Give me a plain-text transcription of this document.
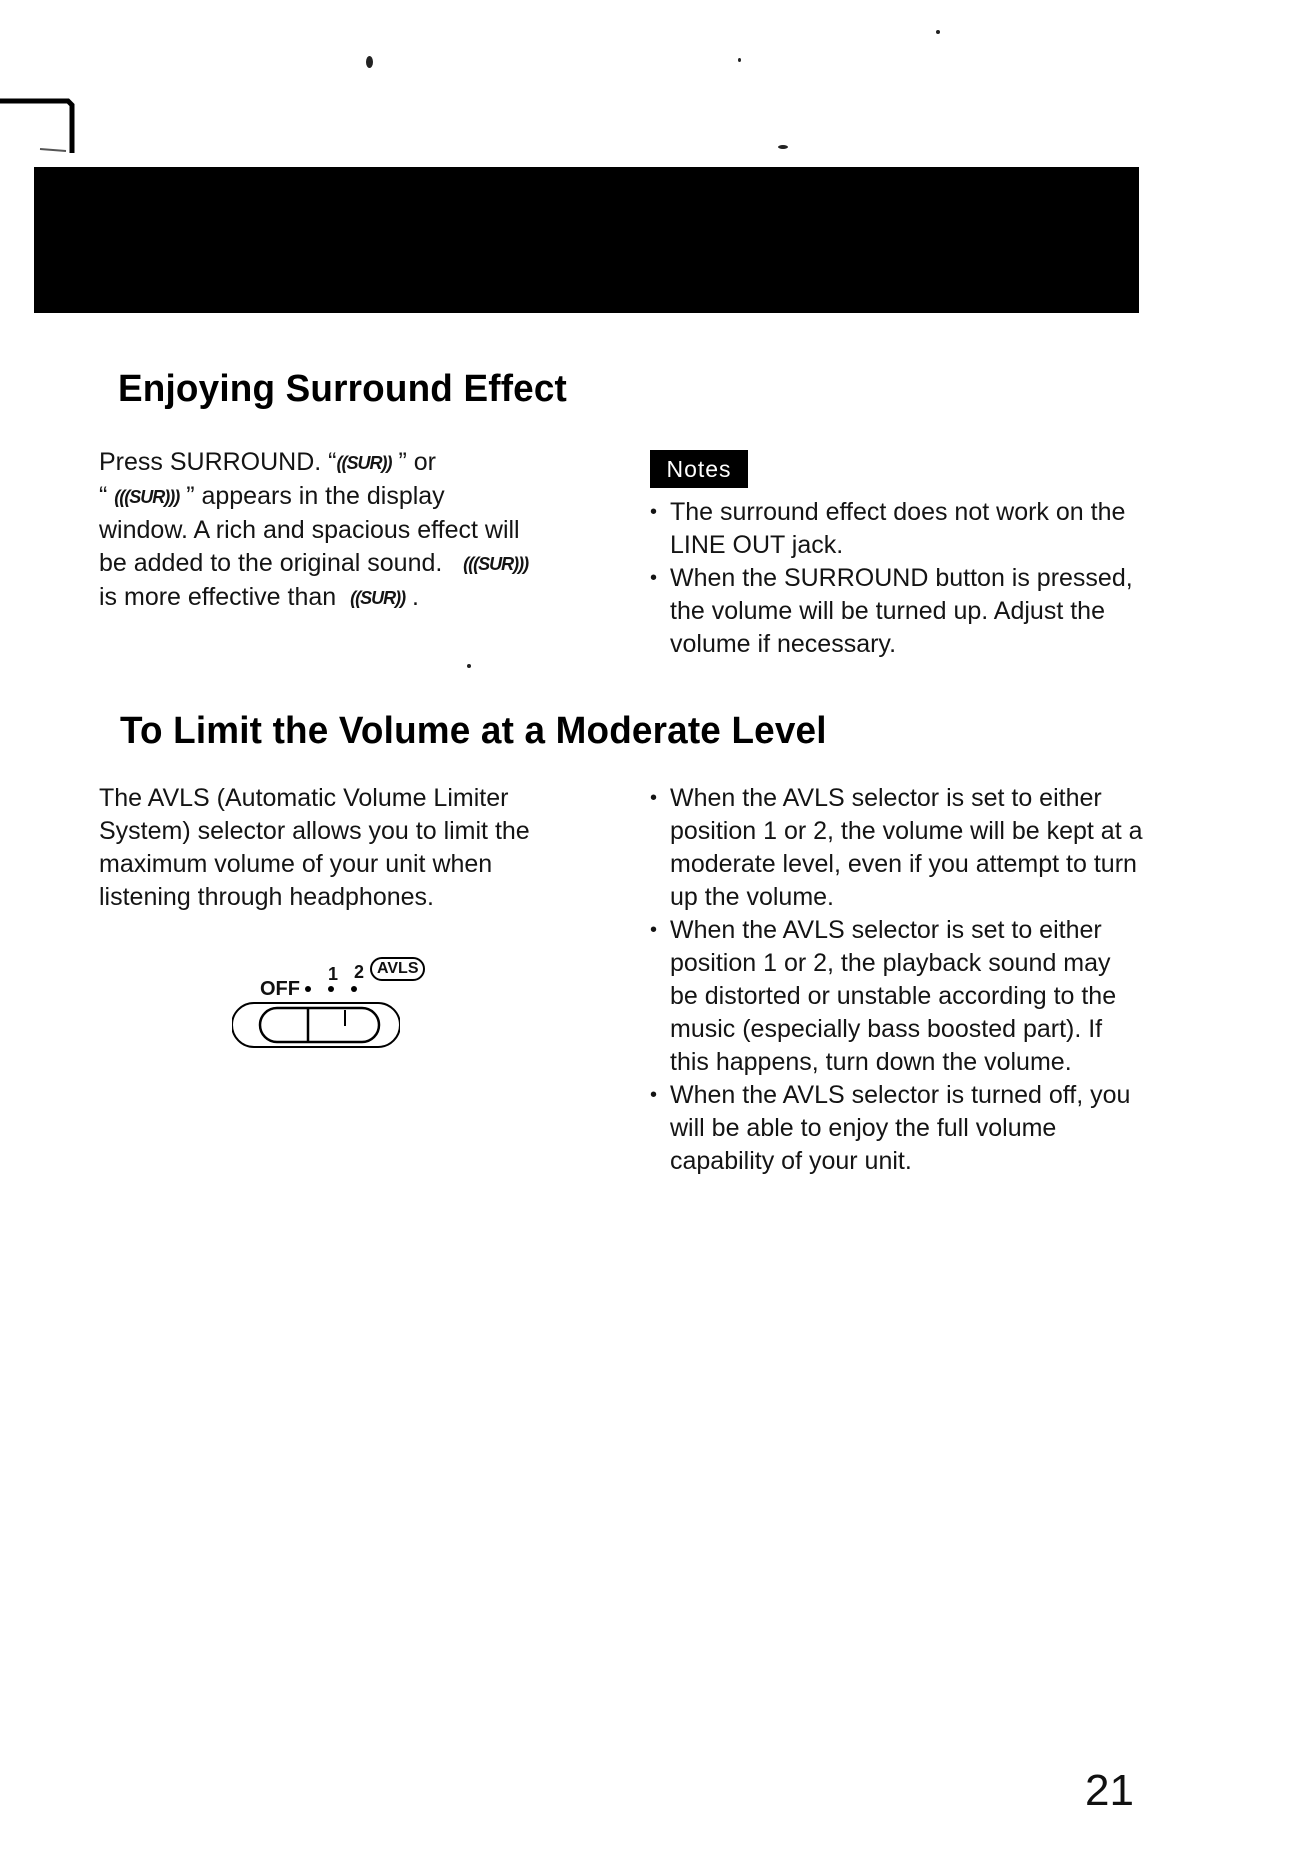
Enjoying Surround Effect
Press SURROUND. “((SUR)) ” or
“ (((SUR))) ” appears in the display
window. A rich and spacious effect will
be added to the original sound. (((SUR)))
is more effective than ((SUR)) .
Notes
• The surround effect does not work on the LINE OUT jack.
• When the SURROUND button is pressed, the volume will be turned up. Adjust the volume if necessary.
To Limit the Volume at a Moderate Level
The AVLS (Automatic Volume Limiter System) selector allows you to limit the maximum volume of your unit when listening through headphones.
OFF
1 2 AVLS
• When the AVLS selector is set to either position 1 or 2, the volume will be kept at a moderate level, even if you attempt to turn up the volume.
• When the AVLS selector is set to either position 1 or 2, the playback sound may be distorted or unstable according to the music (especially bass boosted part). If this happens, turn down the volume.
• When the AVLS selector is turned off, you will be able to enjoy the full volume capability of your unit.
21
